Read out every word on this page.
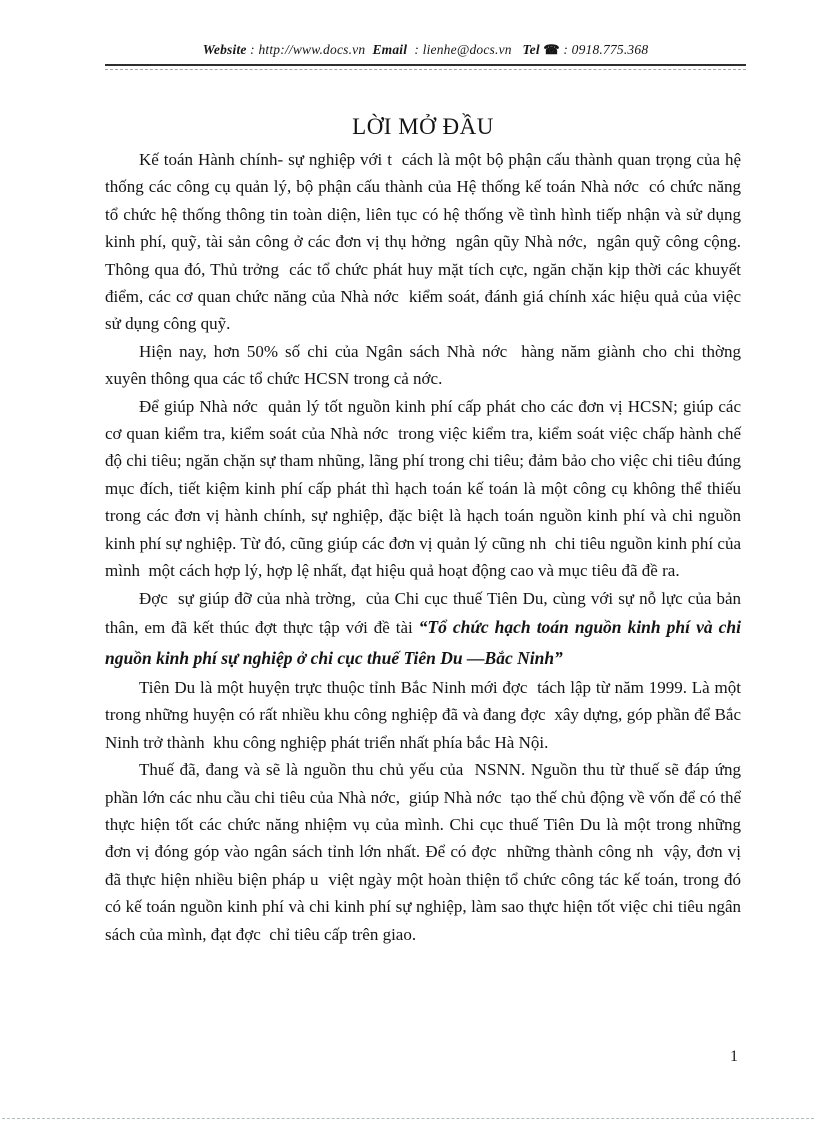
Website : http://www.docs.vn  Email  : lienhe@docs.vn   Tel ☎ : 0918.775.368
LỜI MỞ ĐẦU

Kế toán Hành chính- sự nghiệp với t  cách là một bộ phận cấu thành quan trọng của hệ thống các công cụ quản lý, bộ phận cấu thành của Hệ thống kế toán Nhà nớc  có chức năng tổ chức hệ thống thông tin toàn diện, liên tục có hệ thống về tình hình tiếp nhận và sử dụng kinh phí, quỹ, tài sản công ở các đơn vị thụ hởng  ngân qũy Nhà nớc,  ngân quỹ công cộng. Thông qua đó, Thủ trởng  các tổ chức phát huy mặt tích cực, ngăn chặn kịp thời các khuyết điểm, các cơ quan chức năng của Nhà nớc  kiểm soát, đánh giá chính xác hiệu quả của việc sử dụng công quỹ.

Hiện nay, hơn 50% số chi của Ngân sách Nhà nớc  hàng năm giành cho chi thờng  xuyên thông qua các tổ chức HCSN trong cả nớc.

Để giúp Nhà nớc  quản lý tốt nguồn kinh phí cấp phát cho các đơn vị HCSN; giúp các cơ quan kiểm tra, kiểm soát của Nhà nớc  trong việc kiểm tra, kiểm soát việc chấp hành chế độ chi tiêu; ngăn chặn sự tham nhũng, lãng phí trong chi tiêu; đảm bảo cho việc chi tiêu đúng mục đích, tiết kiệm kinh phí cấp phát thì hạch toán kế toán là một công cụ không thể thiếu trong các đơn vị hành chính, sự nghiệp, đặc biệt là hạch toán nguồn kinh phí và chi nguồn kinh phí sự nghiệp. Từ đó, cũng giúp các đơn vị quản lý cũng nh  chi tiêu nguồn kinh phí của mình  một cách hợp lý, hợp lệ nhất, đạt hiệu quả hoạt động cao và mục tiêu đã đề ra.

Đợc  sự giúp đỡ của nhà trờng,  của Chi cục thuế Tiên Du, cùng với sự nỗ lực của bản thân, em đã kết thúc đợt thực tập với đề tài “Tổ chức hạch toán nguồn kinh phí và chi nguồn kinh phí sự nghiệp ở chi cục thuế Tiên Du —Bắc Ninh”

Tiên Du là một huyện trực thuộc tỉnh Bắc Ninh mới đợc  tách lập từ năm 1999. Là một trong những huyện có rất nhiều khu công nghiệp đã và đang đợc  xây dựng, góp phần để Bắc Ninh trở thành  khu công nghiệp phát triển nhất phía bắc Hà Nội.

Thuế đã, đang và sẽ là nguồn thu chủ yếu của  NSNN. Nguồn thu từ thuế sẽ đáp ứng phần lớn các nhu cầu chi tiêu của Nhà nớc,  giúp Nhà nớc  tạo thế chủ động về vốn để có thể thực hiện tốt các chức năng nhiệm vụ của mình. Chi cục thuế Tiên Du là một trong những đơn vị đóng góp vào ngân sách tỉnh lớn nhất. Để có đợc  những thành công nh  vậy, đơn vị đã thực hiện nhiều biện pháp u  việt ngày một hoàn thiện tổ chức công tác kế toán, trong đó có kế toán nguồn kinh phí và chi kinh phí sự nghiệp, làm sao thực hiện tốt việc chi tiêu ngân sách của mình, đạt đợc  chỉ tiêu cấp trên giao.

1
